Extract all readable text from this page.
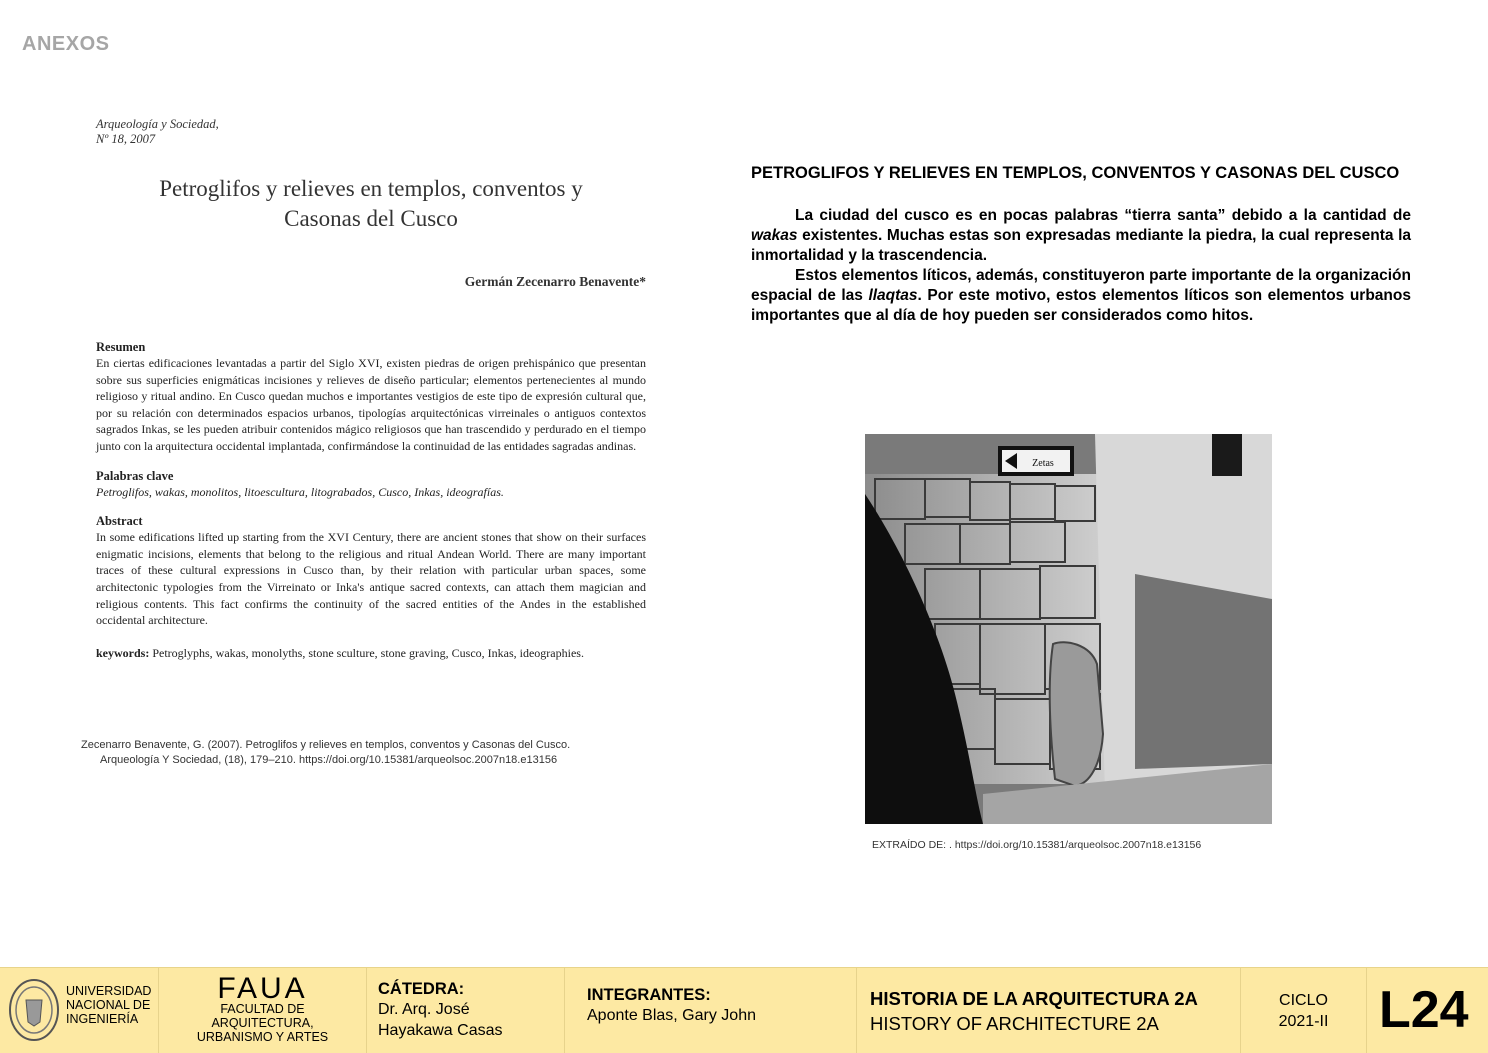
ANEXOS
Arqueología y Sociedad,
Nº 18, 2007
Petroglifos y relieves en templos, conventos y
Casonas del Cusco
Germán Zecenarro Benavente*
Resumen
En ciertas edificaciones levantadas a partir del Siglo XVI, existen piedras de origen prehispánico que presentan sobre sus superficies enigmáticas incisiones y relieves de diseño particular; elementos pertenecientes al mundo religioso y ritual andino. En Cusco quedan muchos e importantes vestigios de este tipo de expresión cultural que, por su relación con determinados espacios urbanos, tipologías arquitectónicas virreinales o antiguos contextos sagrados Inkas, se les pueden atribuir contenidos mágico religiosos que han trascendido y perdurado en el tiempo junto con la arquitectura occidental implantada, confirmándose la continuidad de las entidades sagradas andinas.
Palabras clave
Petroglifos, wakas, monolitos, litoescultura, litograbados, Cusco, Inkas, ideografías.
Abstract
In some edifications lifted up starting from the XVI Century, there are ancient stones that show on their surfaces enigmatic incisions, elements that belong to the religious and ritual Andean World. There are many important traces of these cultural expressions in Cusco than, by their relation with particular urban spaces, some architectonic typologies from the Virreinato or Inka's antique sacred contexts, can attach them magician and religious contents. This fact confirms the continuity of the sacred entities of the Andes in the established occidental architecture.
keywords: Petroglyphs, wakas, monolyths, stone sculture, stone graving, Cusco, Inkas, ideographies.
Zecenarro Benavente, G. (2007). Petroglifos y relieves en templos, conventos y Casonas del Cusco.
Arqueología Y Sociedad, (18), 179–210. https://doi.org/10.15381/arqueolsoc.2007n18.e13156
PETROGLIFOS Y RELIEVES EN TEMPLOS, CONVENTOS Y CASONAS DEL CUSCO

La ciudad del cusco es en pocas palabras “tierra santa” debido a la cantidad de wakas existentes. Muchas estas son expresadas mediante la piedra, la cual representa la inmortalidad y la trascendencia.

Estos elementos líticos, además, constituyeron parte importante de la organización espacial de las llaqtas. Por este motivo, estos elementos líticos son elementos urbanos importantes que al día de hoy pueden ser considerados como hitos.

Zetas
EXTRAÍDO DE: . https://doi.org/10.15381/arqueolsoc.2007n18.e13156
UNIVERSIDAD
NACIONAL DE
INGENIERÍA
FAUA
FACULTAD DE
ARQUITECTURA,
URBANISMO Y ARTES
CÁTEDRA:
Dr. Arq. José
Hayakawa Casas
INTEGRANTES:
Aponte Blas, Gary John
HISTORIA DE LA ARQUITECTURA 2A
HISTORY OF ARCHITECTURE 2A
CICLO
2021-II L24
